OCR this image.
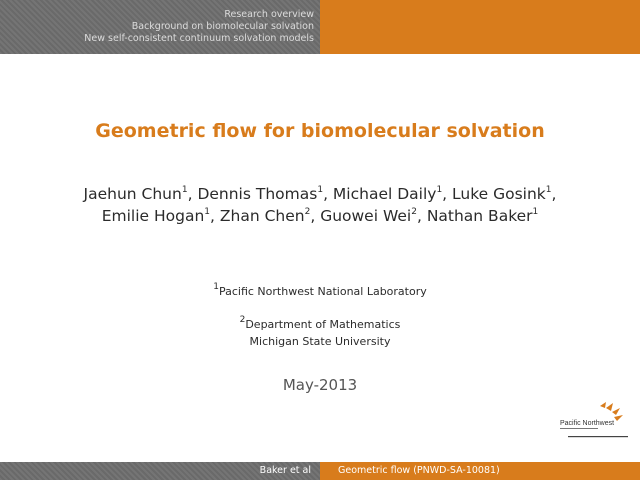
Research overview
Background on biomolecular solvation
New self-consistent continuum solvation models
Geometric flow for biomolecular solvation
Jaehun Chun$^1$, Dennis Thomas$^1$, Michael Daily$^1$, Luke Gosink$^1$, Emilie Hogan$^1$, Zhan Chen$^2$, Guowei Wei$^2$, Nathan Baker$^1$
$^1$Pacific Northwest National Laboratory
$^2$Department of Mathematics
Michigan State University
May-2013
Pacific Northwest
Baker et al	Geometric flow (PNWD-SA-10081)
